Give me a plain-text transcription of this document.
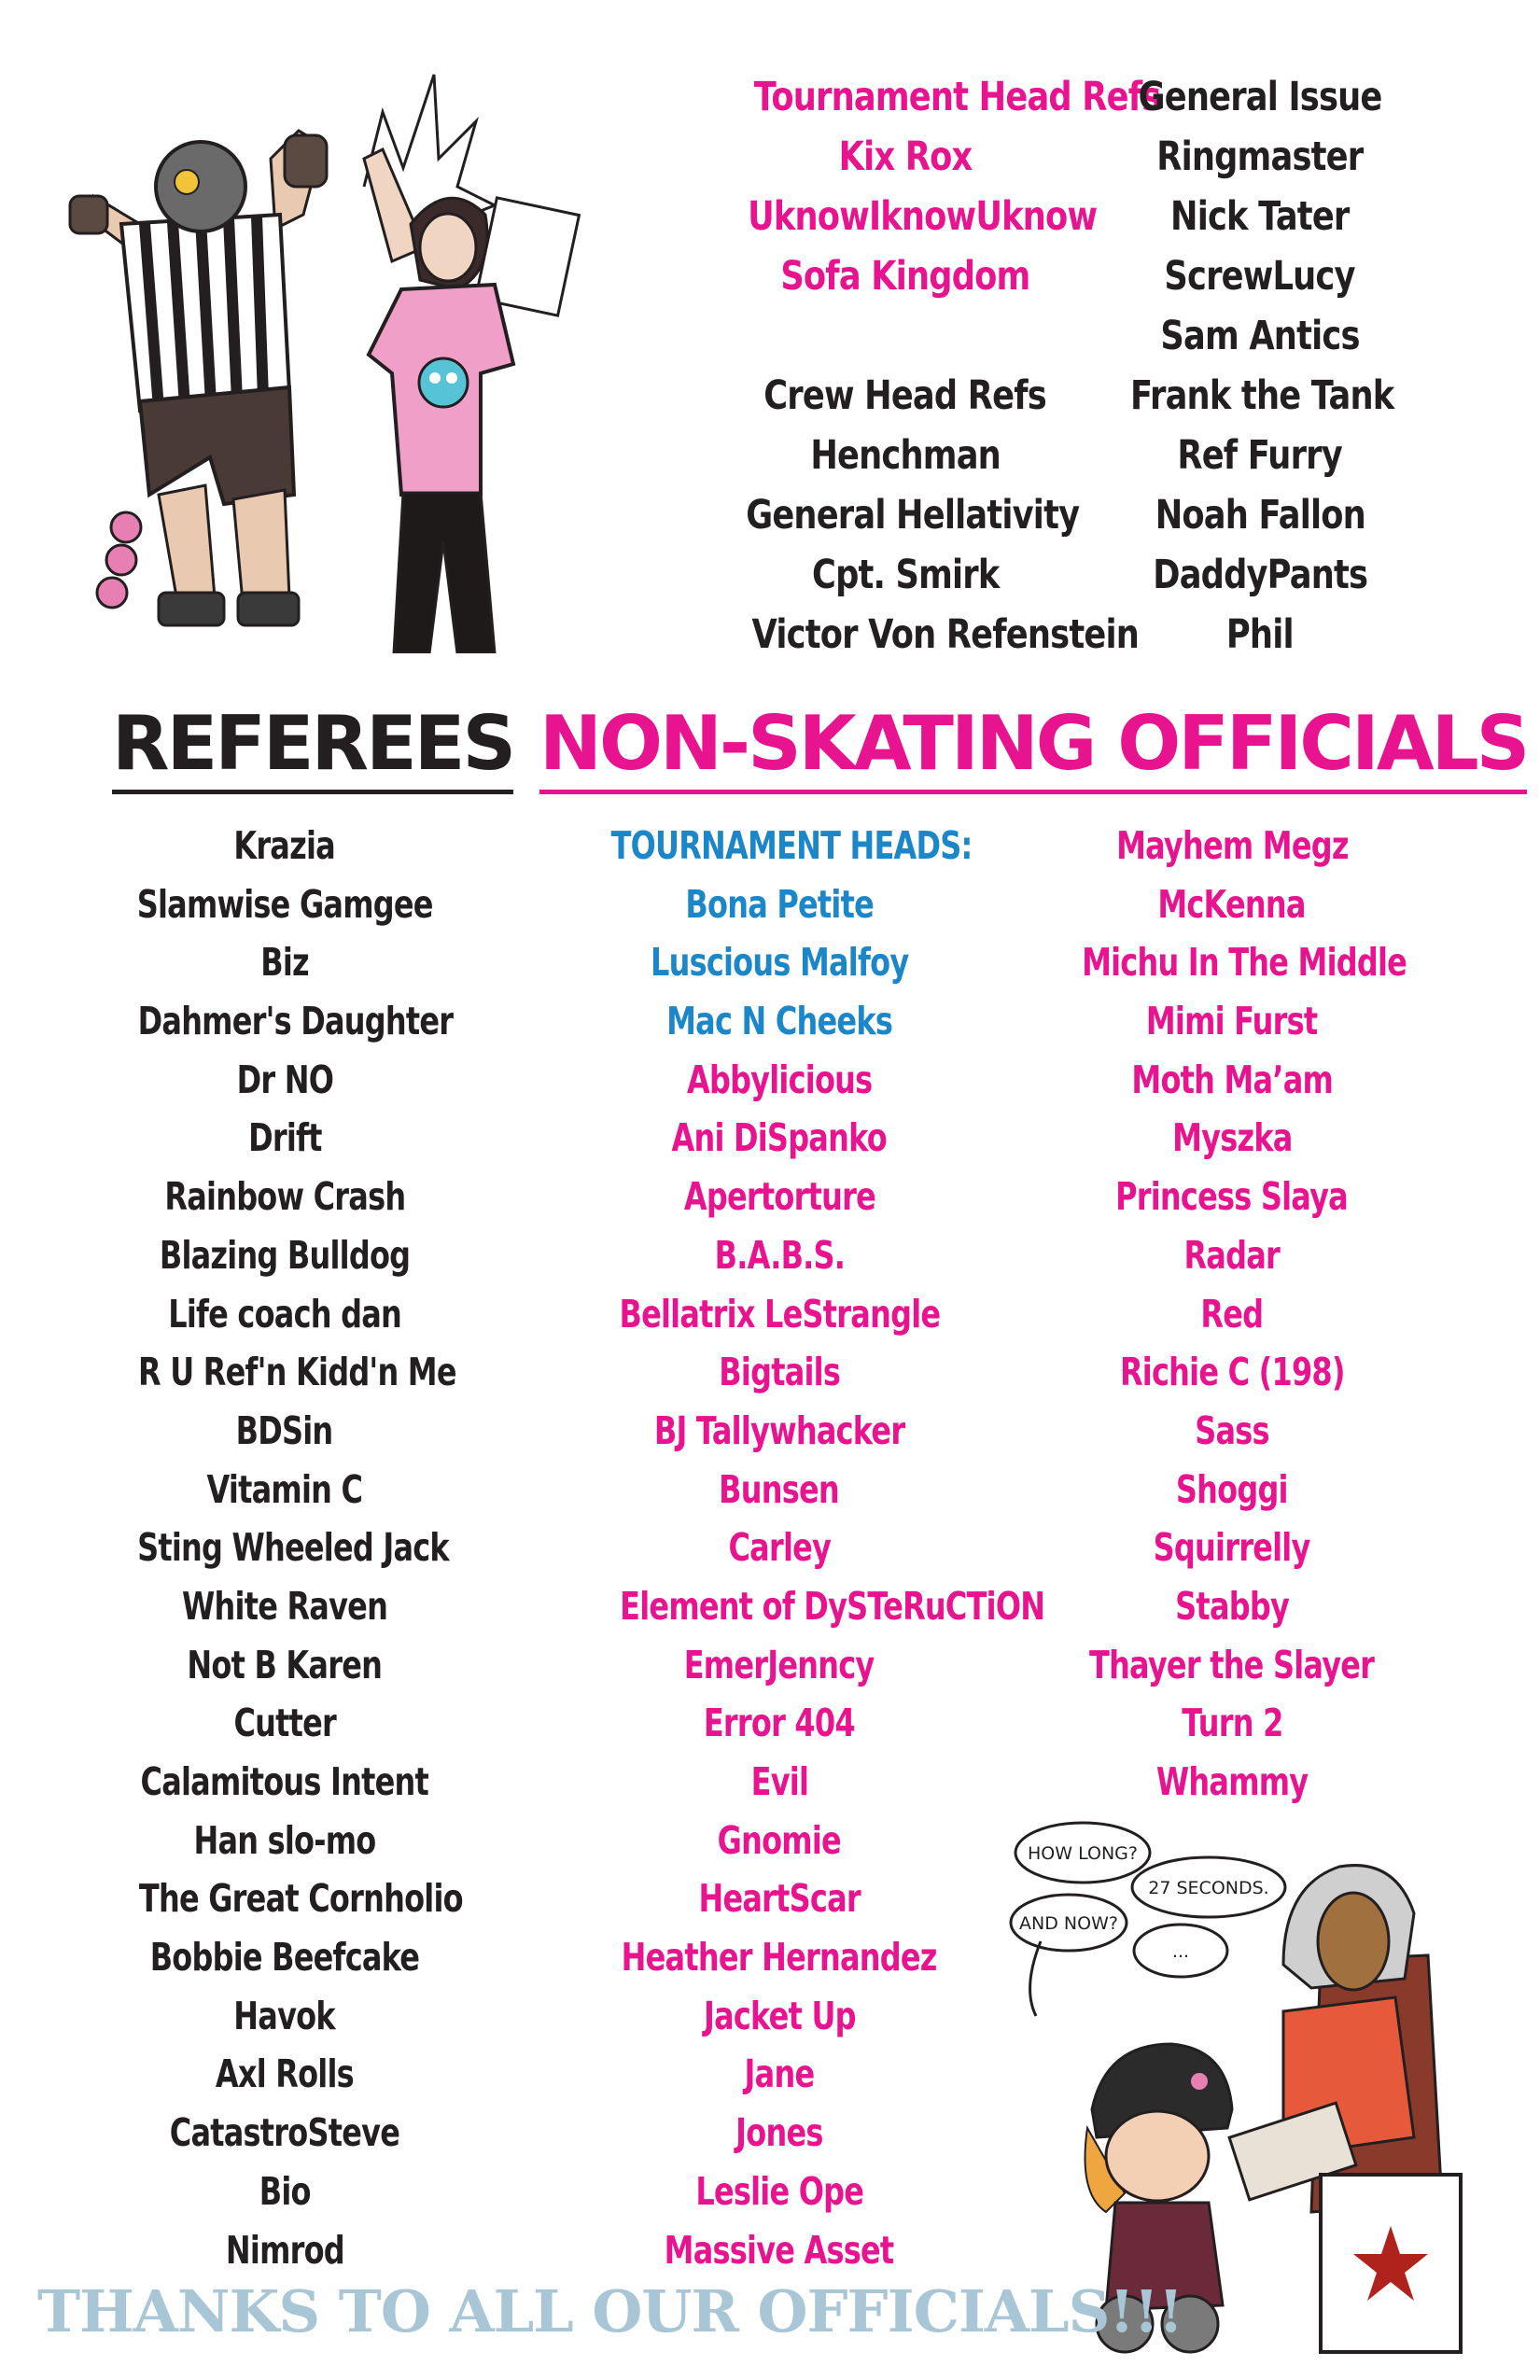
Tournament Head Refs
Kix Rox
UknowIknowUknow
Sofa Kingdom
Crew Head Refs
Henchman
General Hellativity
Cpt. Smirk
Victor Von Refenstein
General Issue
Ringmaster
Nick Tater
ScrewLucy
Sam Antics
Frank the Tank
Ref Furry
Noah Fallon
DaddyPants
Phil
REFEREES NON-SKATING OFFICIALS
Krazia
Slamwise Gamgee
Biz
Dahmer's Daughter
Dr NO
Drift
Rainbow Crash
Blazing Bulldog
Life coach dan
R U Ref'n Kidd'n Me
BDSin
Vitamin C
Sting Wheeled Jack
White Raven
Not B Karen
Cutter
Calamitous Intent
Han slo-mo
The Great Cornholio
Bobbie Beefcake
Havok
Axl Rolls
CatastroSteve
Bio
Nimrod
TOURNAMENT HEADS:
Bona Petite
Luscious Malfoy
Mac N Cheeks
Abbylicious
Ani DiSpanko
Apertorture
B.A.B.S.
Bellatrix LeStrangle
Bigtails
BJ Tallywhacker
Bunsen
Carley
Element of DySTeRuCTiON
EmerJenncy
Error 404
Evil
Gnomie
HeartScar
Heather Hernandez
Jacket Up
Jane
Jones
Leslie Ope
Massive Asset
Mayhem Megz
McKenna
Michu In The Middle
Mimi Furst
Moth Ma’am
Myszka
Princess Slaya
Radar
Red
Richie C (198)
Sass
Shoggi
Squirrelly
Stabby
Thayer the Slayer
Turn 2
Whammy
HOW LONG?
27 SECONDS.
AND NOW?
...
THANKS TO ALL OUR OFFICIALS!!!
